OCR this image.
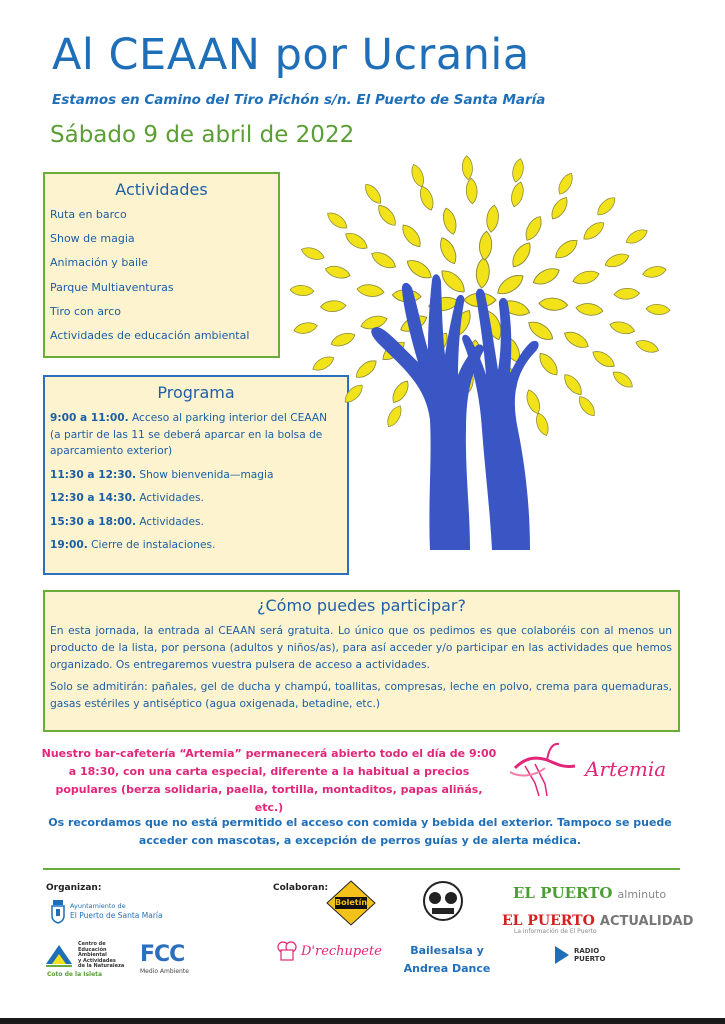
Al CEAAN por Ucrania
Estamos en Camino del Tiro Pichón s/n. El Puerto de Santa María
Sábado 9 de abril de 2022
Actividades
Ruta en barco
Show de magia
Animación y baile
Parque Multiaventuras
Tiro con arco
Actividades de educación ambiental
Programa
9:00 a 11:00. Acceso al parking interior del CEAAN (a partir de las 11 se deberá aparcar en la bolsa de aparcamiento exterior)
11:30 a 12:30. Show bienvenida—magia
12:30 a 14:30. Actividades.
15:30 a 18:00. Actividades.
19:00. Cierre de instalaciones.
¿Cómo puedes participar?

En esta jornada, la entrada al CEAAN será gratuita. Lo único que os pedimos es que colaboréis con al menos un producto de la lista, por persona (adultos y niños/as), para así acceder y/o participar en las actividades que hemos organizado. Os entregaremos vuestra pulsera de acceso a actividades.

Solo se admitirán: pañales, gel de ducha y champú, toallitas, compresas, leche en polvo, crema para quemaduras, gasas estériles y antiséptico (agua oxigenada, betadine, etc.)

Nuestro bar-cafetería “Artemia” permanecerá abierto todo el día de 9:00 a 18:30, con una carta especial, diferente a la habitual a precios populares (berza solidaria, paella, tortilla, montaditos, papas aliñás, etc.)
Artemia
Os recordamos que no está permitido el acceso con comida y bebida del exterior. Tampoco se puede acceder con mascotas, a excepción de perros guías y de alerta médica.
Organizan:
Ayuntamiento de
El Puerto de Santa María
Centro de
Educación
Ambiental
y Actividades
de la Naturaleza
Coto de la Isleta
FCC
Medio Ambiente
Colaboran:
Boletín
D'rechupete	Bailesalsa y
Andrea Dance
EL PUERTO alminuto
EL PUERTO ACTUALIDAD
La información de El Puerto
RADIO
PUERTO
